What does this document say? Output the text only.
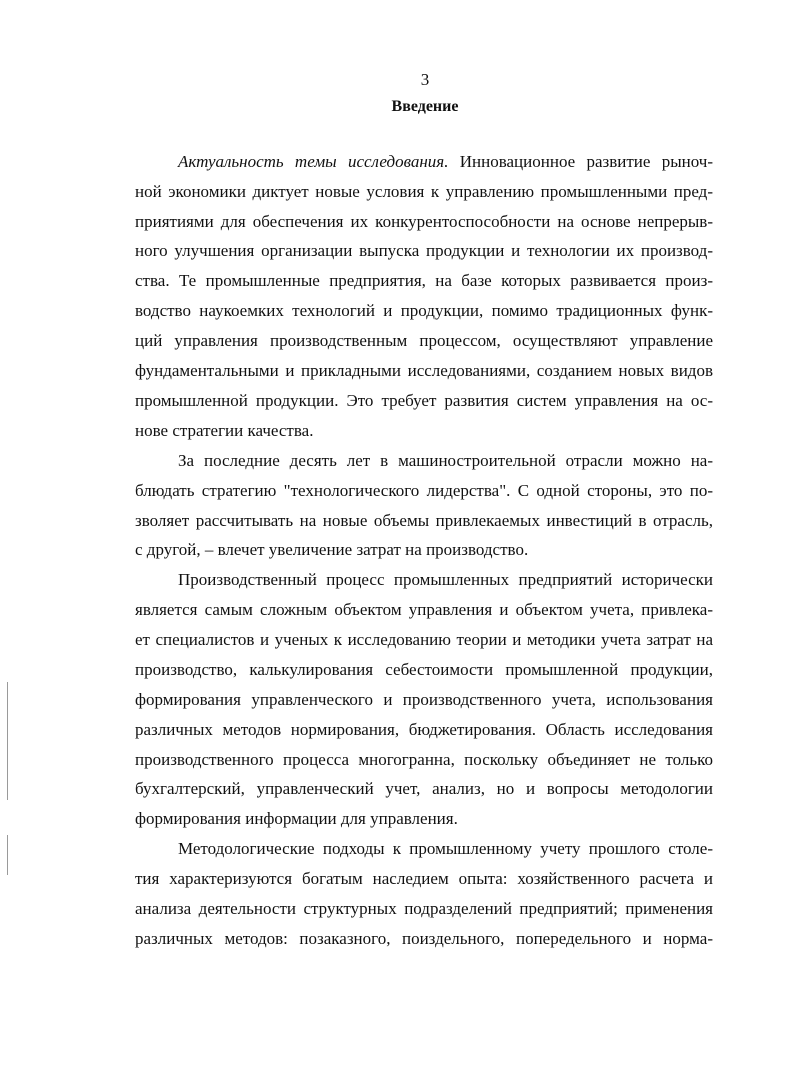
3
Введение
Актуальность темы исследования. Инновационное развитие рыноч-
ной экономики диктует новые условия к управлению промышленными пред-
приятиями для обеспечения их конкурентоспособности на основе непрерыв-
ного улучшения организации выпуска продукции и технологии их производ-
ства. Те промышленные предприятия, на базе которых развивается произ-
водство наукоемких технологий и продукции, помимо традиционных функ-
ций управления производственным процессом, осуществляют управление
фундаментальными и прикладными исследованиями, созданием новых видов
промышленной продукции. Это требует развития систем управления на ос-
нове стратегии качества.
За последние десять лет в машиностроительной отрасли можно на-
блюдать стратегию "технологического лидерства". С одной стороны, это по-
зволяет рассчитывать на новые объемы привлекаемых инвестиций в отрасль,
с другой, – влечет увеличение затрат на производство.
Производственный процесс промышленных предприятий исторически
является самым сложным объектом управления и объектом учета, привлека-
ет специалистов и ученых к исследованию теории и методики учета затрат на
производство, калькулирования себестоимости промышленной продукции,
формирования управленческого и производственного учета, использования
различных методов нормирования, бюджетирования. Область исследования
производственного процесса многогранна, поскольку объединяет не только
бухгалтерский, управленческий учет, анализ, но и вопросы методологии
формирования информации для управления.
Методологические подходы к промышленному учету прошлого столе-
тия характеризуются богатым наследием опыта: хозяйственного расчета и
анализа деятельности структурных подразделений предприятий; применения
различных методов: позаказного, поиздельного, попередельного и норма-
